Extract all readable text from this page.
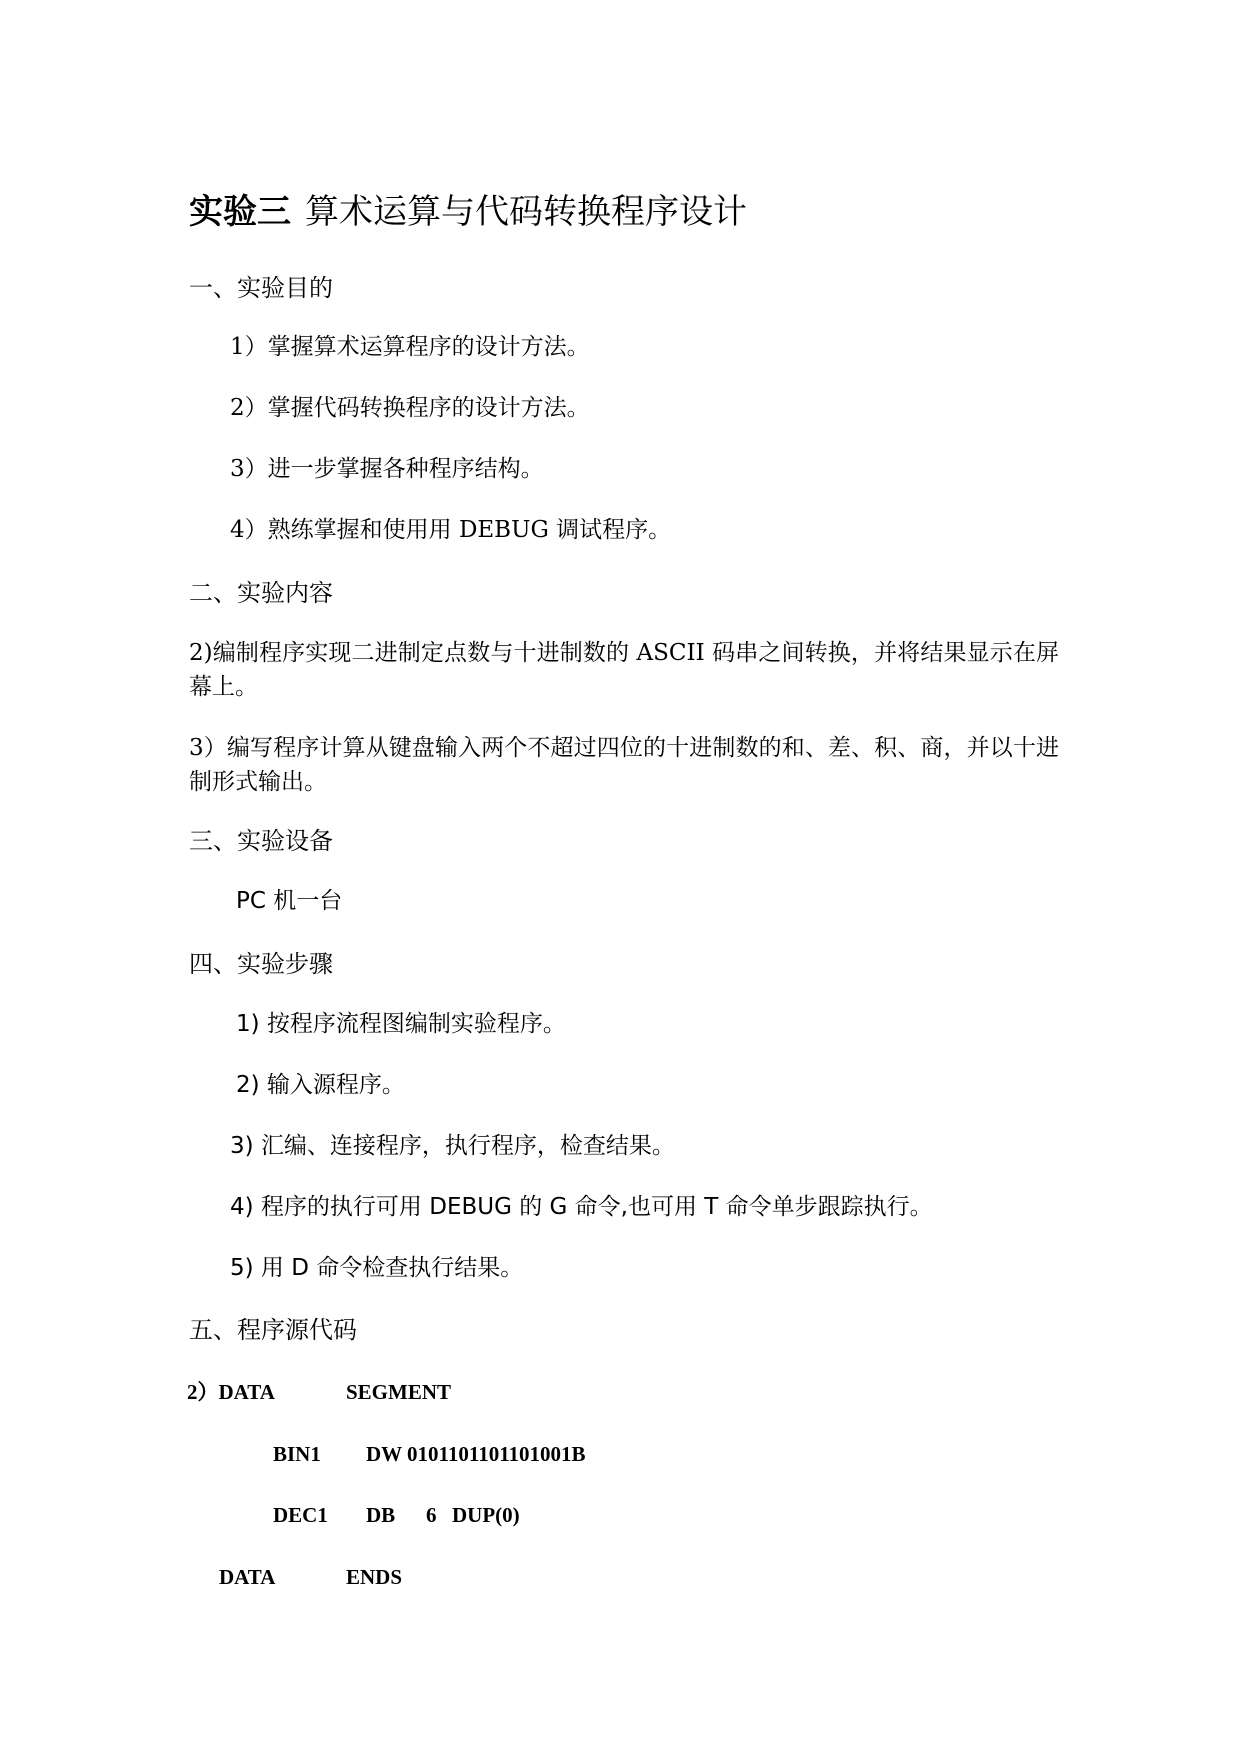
实验三 算术运算与代码转换程序设计
一、实验目的
1）掌握算术运算程序的设计方法。
2）掌握代码转换程序的设计方法。
3）进一步掌握各种程序结构。
4）熟练掌握和使用用 DEBUG 调试程序。
二、实验内容
2)编制程序实现二进制定点数与十进制数的 ASCII 码串之间转换，并将结果显示在屏幕上。
3）编写程序计算从键盘输入两个不超过四位的十进制数的和、差、积、商，并以十进制形式输出。
三、实验设备
PC 机一台
四、实验步骤
1) 按程序流程图编制实验程序。
2) 输入源程序。
3) 汇编、连接程序，执行程序，检查结果。
4) 程序的执行可用 DEBUG 的 G 命令,也可用 T 命令单步跟踪执行。
5) 用 D 命令检查执行结果。
五、程序源代码
2）DATA	SEGMENT
BIN1 DW 0101101101101001B
DEC1 DB 6 DUP(0)
DATA	ENDS
